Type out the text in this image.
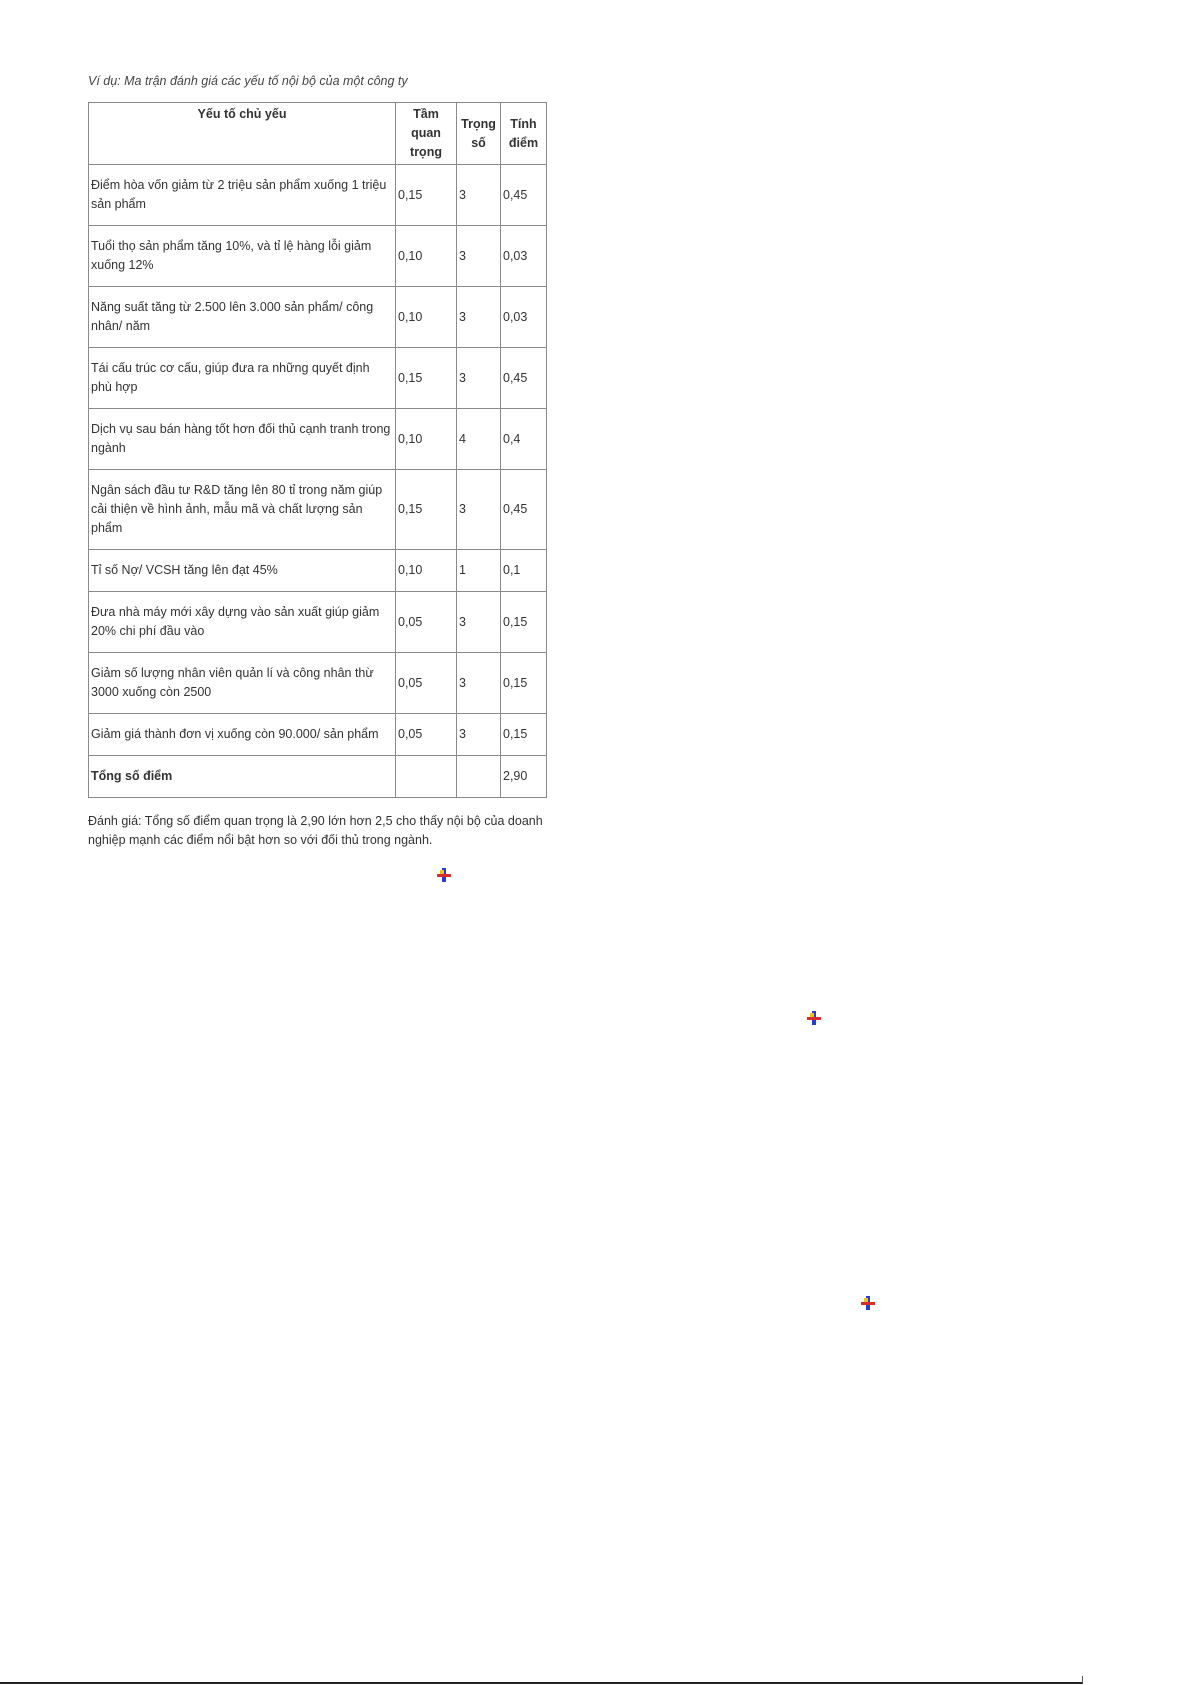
Ví dụ: Ma trận đánh giá các yếu tố nội bộ của một công ty
Yếu tố chủ yếu	Tầm quan trọng	Trọng số	Tính điểm
Điểm hòa vốn giảm từ 2 triệu sản phẩm xuống 1 triệu sản phẩm	0,15	3	0,45
Tuổi thọ sản phẩm tăng 10%, và tỉ lệ hàng lỗi giảm xuống 12%	0,10	3	0,03
Năng suất tăng từ 2.500 lên 3.000 sản phẩm/ công nhân/ năm	0,10	3	0,03
Tái cấu trúc cơ cấu, giúp đưa ra những quyết định phù hợp	0,15	3	0,45
Dịch vụ sau bán hàng tốt hơn đối thủ cạnh tranh trong ngành	0,10	4	0,4
Ngân sách đầu tư R&D tăng lên 80 tỉ trong năm giúp cải thiện về hình ảnh, mẫu mã và chất lượng sản phẩm	0,15	3	0,45
Tỉ số Nợ/ VCSH tăng lên đạt 45%	0,10	1	0,1
Đưa nhà máy mới xây dựng vào sản xuất giúp giảm 20% chi phí đầu vào	0,05	3	0,15
Giảm số lượng nhân viên quản lí và công nhân thừ 3000 xuống còn 2500	0,05	3	0,15
Giảm giá thành đơn vị xuống còn 90.000/ sản phẩm	0,05	3	0,15
Tổng số điểm			2,90
Đánh giá: Tổng số điểm quan trọng là 2,90 lớn hơn 2,5 cho thấy nội bộ của doanh nghiệp mạnh các điểm nổi bật hơn so với đối thủ trong ngành.
